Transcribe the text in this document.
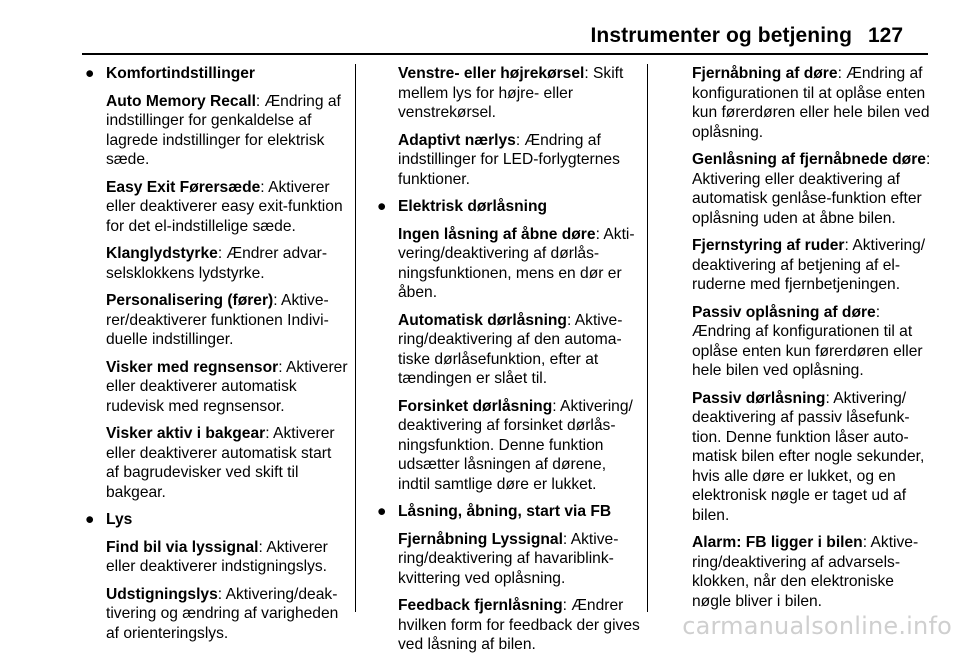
Instrumenter og betjening 127
● Komfortindstillinger
Auto Memory Recall: Ændring af indstillinger for genkaldelse af lagrede indstillinger for elektrisk sæde.
Easy Exit Førersæde: Aktiverer eller deaktiverer easy exit-funktion for det el-indstillelige sæde.
Klanglydstyrke: Ændrer advarselsklokkens lydstyrke.
Personalisering (fører): Aktiverer/deaktiverer funktionen Individuelle indstillinger.
Visker med regnsensor: Aktiverer eller deaktiverer automatisk rudevisk med regnsensor.
Visker aktiv i bakgear: Aktiverer eller deaktiverer automatisk start af bagrudevisker ved skift til bakgear.
● Lys
Find bil via lyssignal: Aktiverer eller deaktiverer indstigningslys.
Udstigningslys: Aktivering/deaktivering og ændring af varigheden af orienteringslys.
Venstre- eller højrekørsel: Skift mellem lys for højre- eller venstrekørsel.
Adaptivt nærlys: Ændring af indstillinger for LED-forlygternes funktioner.
● Elektrisk dørlåsning
Ingen låsning af åbne døre: Aktivering/deaktivering af dørlåsningsfunktionen, mens en dør er åben.
Automatisk dørlåsning: Aktivering/deaktivering af den automatiske dørlåsefunktion, efter at tændingen er slået til.
Forsinket dørlåsning: Aktivering/ deaktivering af forsinket dørlåsningsfunktion. Denne funktion udsætter låsningen af dørene, indtil samtlige døre er lukket.
● Låsning, åbning, start via FB
Fjernåbning Lyssignal: Aktivering/deaktivering af havariblinkkvittering ved oplåsning.
Feedback fjernlåsning: Ændrer hvilken form for feedback der gives ved låsning af bilen.
Fjernåbning af døre: Ændring af konfigurationen til at oplåse enten kun førerdøren eller hele bilen ved oplåsning.
Genlåsning af fjernåbnede døre: Aktivering eller deaktivering af automatisk genlåse-funktion efter oplåsning uden at åbne bilen.
Fjernstyring af ruder: Aktivering/ deaktivering af betjening af elruderne med fjernbetjeningen.
Passiv oplåsning af døre: Ændring af konfigurationen til at oplåse enten kun førerdøren eller hele bilen ved oplåsning.
Passiv dørlåsning: Aktivering/ deaktivering af passiv låsefunktion. Denne funktion låser automatisk bilen efter nogle sekunder, hvis alle døre er lukket, og en elektronisk nøgle er taget ud af bilen.
Alarm: FB ligger i bilen: Aktivering/deaktivering af advarselsklokken, når den elektroniske nøgle bliver i bilen.
carmanualsonline.info
